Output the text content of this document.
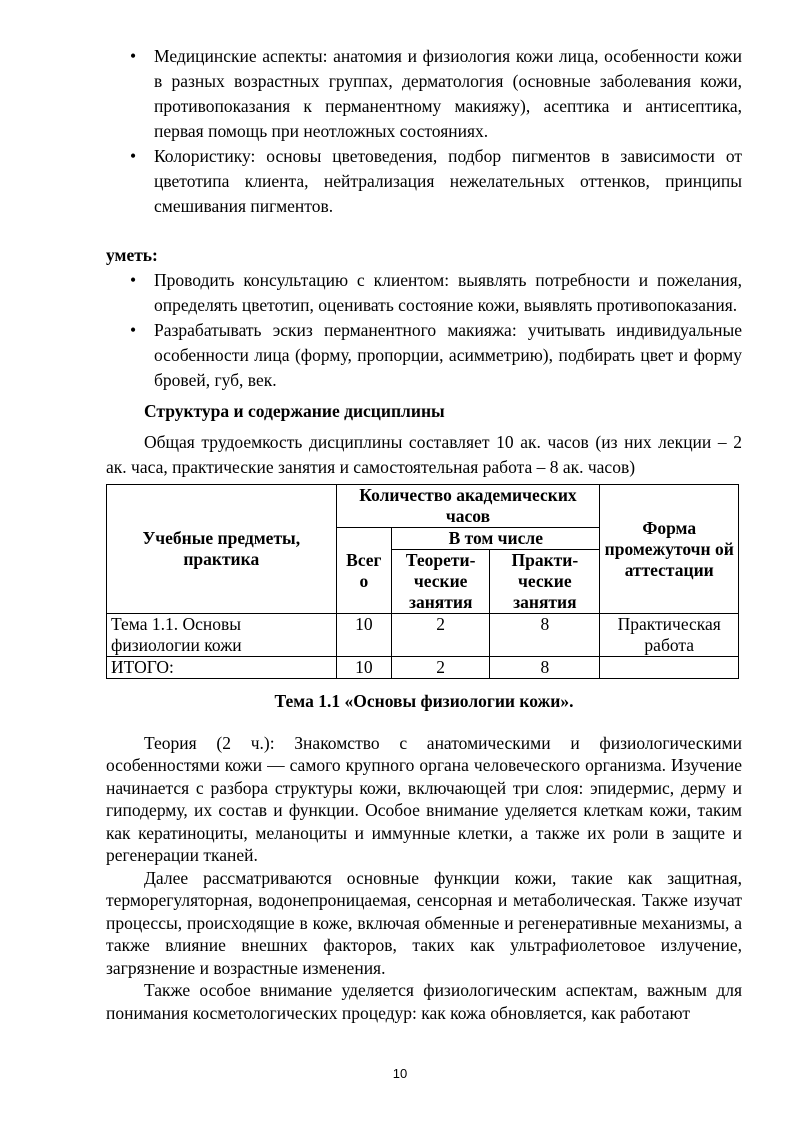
• Медицинские аспекты: анатомия и физиология кожи лица, особенности кожи в разных возрастных группах, дерматология (основные заболевания кожи, противопоказания к перманентному макияжу), асептика и антисептика, первая помощь при неотложных состояниях.
• Колористику: основы цветоведения, подбор пигментов в зависимости от цветотипа клиента, нейтрализация нежелательных оттенков, принципы смешивания пигментов.

уметь:

• Проводить консультацию с клиентом: выявлять потребности и пожелания, определять цветотип, оценивать состояние кожи, выявлять противопоказания.
• Разрабатывать эскиз перманентного макияжа: учитывать индивидуальные особенности лица (форму, пропорции, асимметрию), подбирать цвет и форму бровей, губ, век.

Структура и содержание дисциплины

Общая трудоемкость дисциплины составляет 10 ак. часов (из них лекции – 2 ак. часа, практические занятия и самостоятельная работа – 8 ак. часов)

Учебные предметы, практика	Количество академических часов			Форма промежуточн ой аттестации
	Всег о	В том числе		
		Теорети-ческие занятия	Практи-ческие занятия	
Тема 1.1. Основы физиологии кожи	10	2	8	Практическая работа
ИТОГО:	10	2	8	

Тема 1.1 «Основы физиологии кожи».

Теория (2 ч.): Знакомство с анатомическими и физиологическими особенностями кожи — самого крупного органа человеческого организма. Изучение начинается с разбора структуры кожи, включающей три слоя: эпидермис, дерму и гиподерму, их состав и функции. Особое внимание уделяется клеткам кожи, таким как кератиноциты, меланоциты и иммунные клетки, а также их роли в защите и регенерации тканей.

Далее рассматриваются основные функции кожи, такие как защитная, терморегуляторная, водонепроницаемая, сенсорная и метаболическая. Также изучат процессы, происходящие в коже, включая обменные и регенеративные механизмы, а также влияние внешних факторов, таких как ультрафиолетовое излучение, загрязнение и возрастные изменения.

Также особое внимание уделяется физиологическим аспектам, важным для понимания косметологических процедур: как кожа обновляется, как работают

10
